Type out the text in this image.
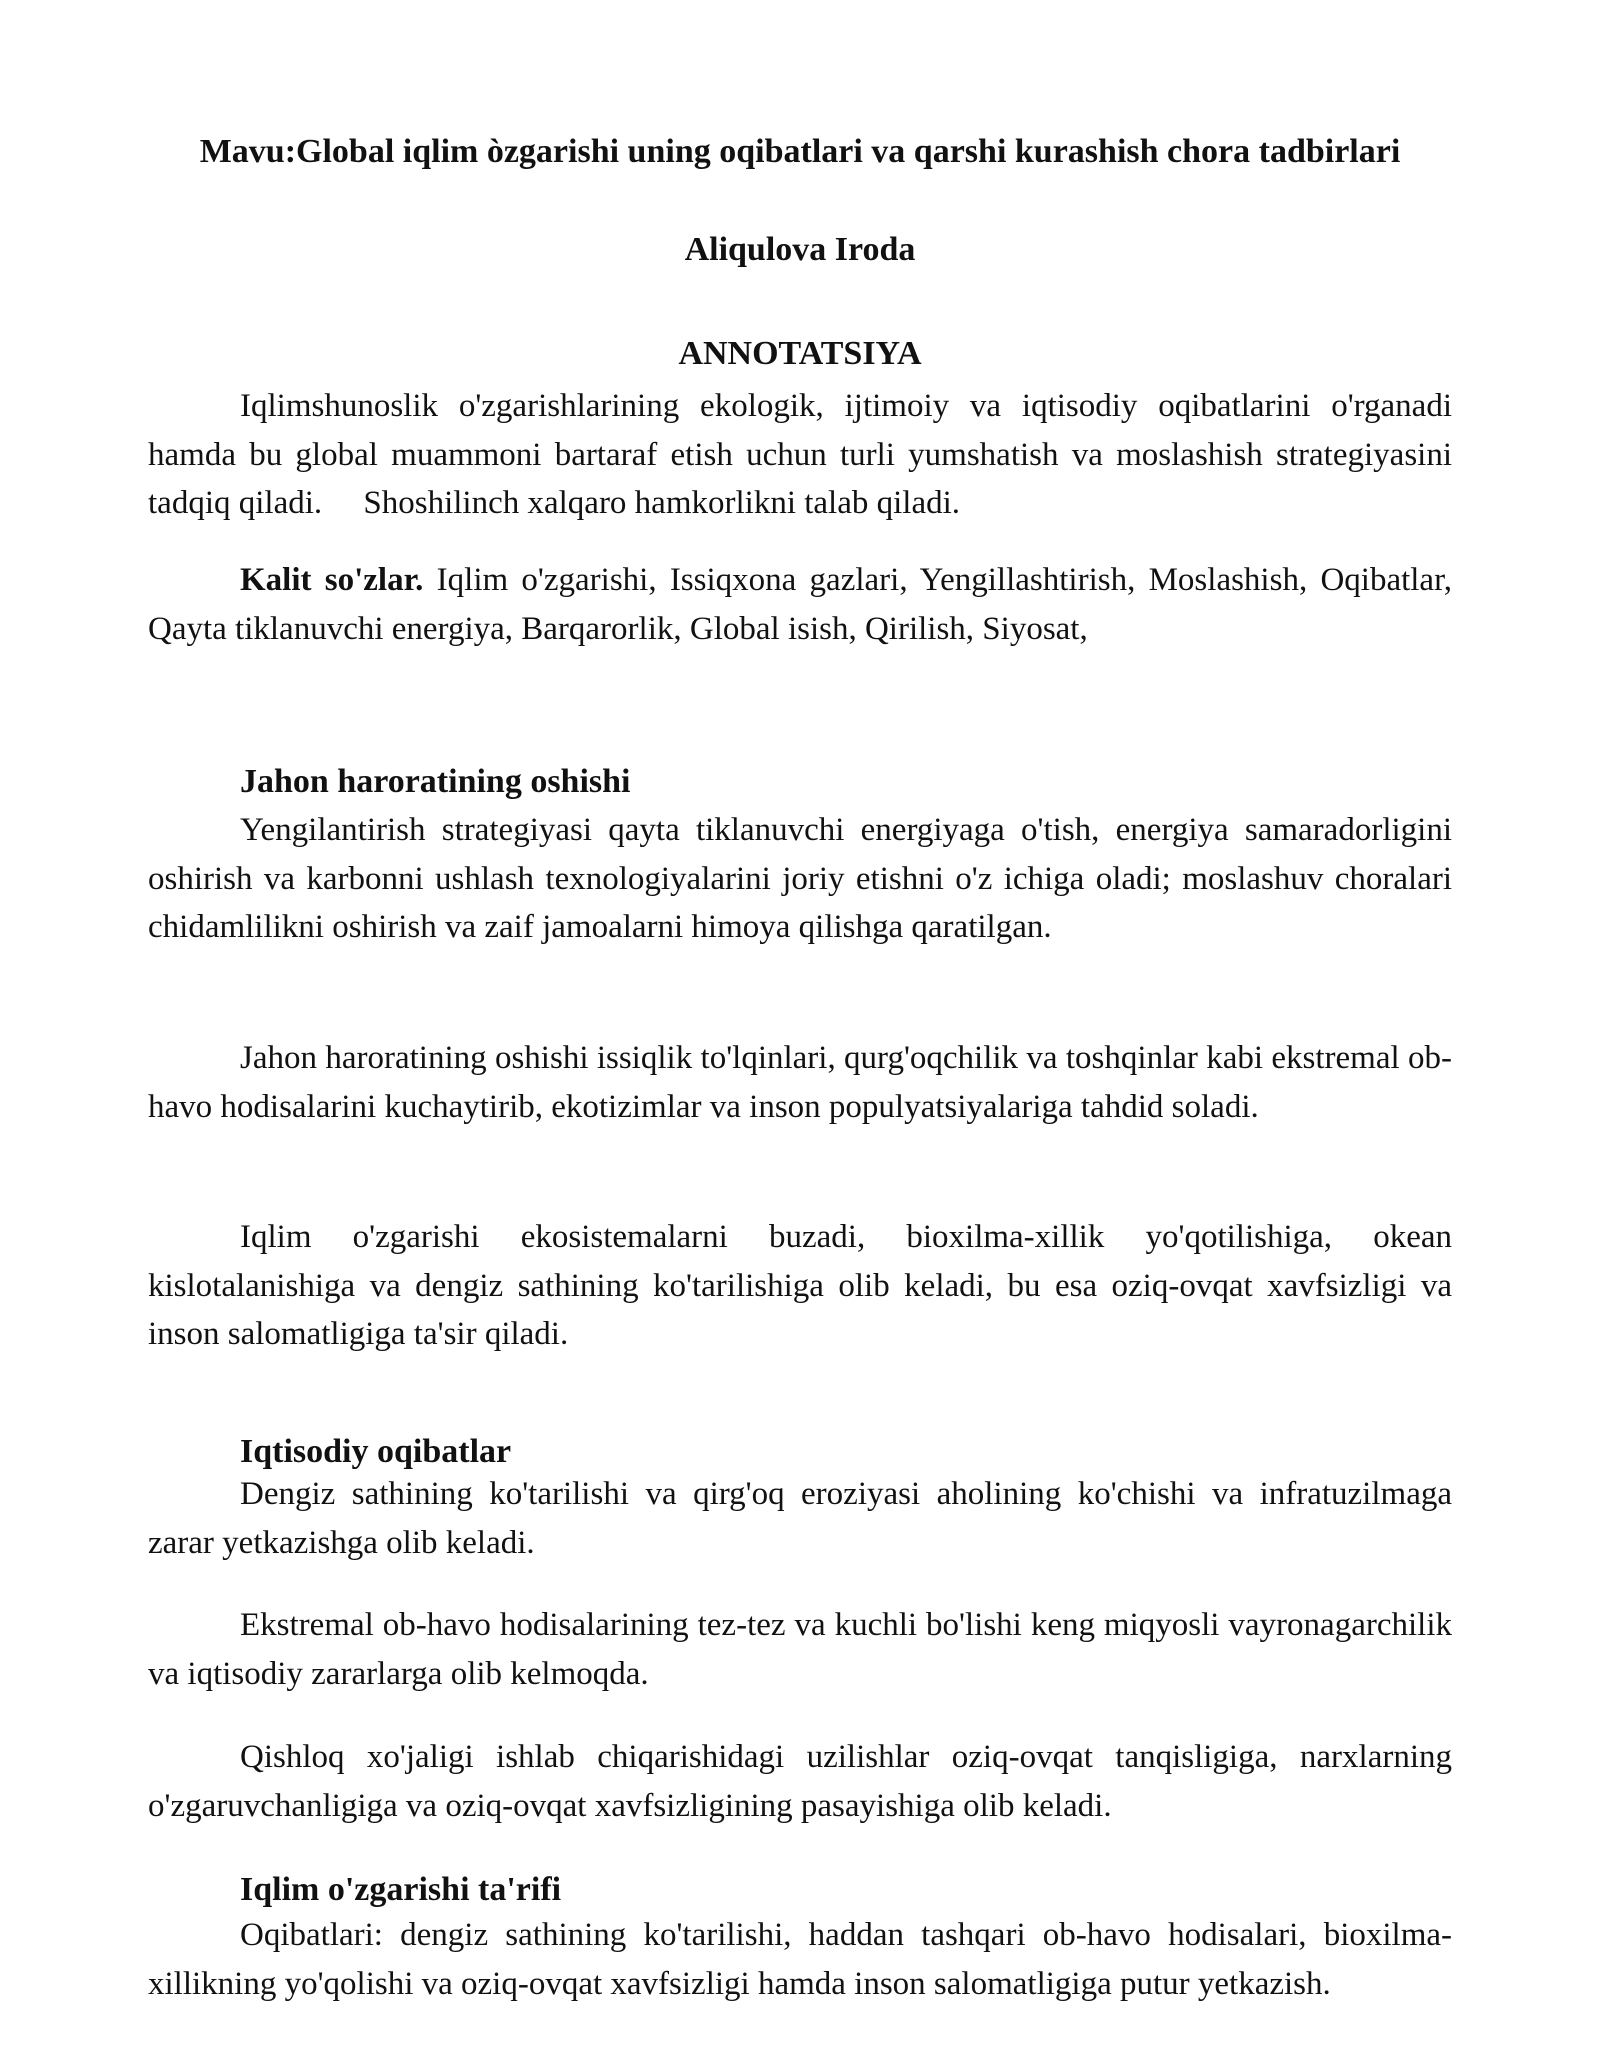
Mavu:Global iqlim òzgarishi uning oqibatlari va qarshi kurashish chora tadbirlari
Aliqulova Iroda
ANNOTATSIYA

Iqlimshunoslik o'zgarishlarining ekologik, ijtimoiy va iqtisodiy oqibatlarini o'rganadi hamda bu global muammoni bartaraf etish uchun turli yumshatish va moslashish strategiyasini tadqiq qiladi.     Shoshilinch xalqaro hamkorlikni talab qiladi.

Kalit so'zlar. Iqlim o'zgarishi, Issiqxona gazlari, Yengillashtirish, Moslashish, Oqibatlar, Qayta tiklanuvchi energiya, Barqarorlik, Global isish, Qirilish, Siyosat,

Jahon haroratining oshishi

Yengilantirish strategiyasi qayta tiklanuvchi energiyaga o'tish, energiya samaradorligini oshirish va karbonni ushlash texnologiyalarini joriy etishni o'z ichiga oladi; moslashuv choralari chidamlilikni oshirish va zaif jamoalarni himoya qilishga qaratilgan.

Jahon haroratining oshishi issiqlik to'lqinlari, qurg'oqchilik va toshqinlar kabi ekstremal ob-havo hodisalarini kuchaytirib, ekotizimlar va inson populyatsiyalariga tahdid soladi.

Iqlim o'zgarishi ekosistemalarni buzadi, bioxilma-xillik yo'qotilishiga, okean kislotalanishiga va dengiz sathining ko'tarilishiga olib keladi, bu esa oziq-ovqat xavfsizligi va inson salomatligiga ta'sir qiladi.

Iqtisodiy oqibatlar

Dengiz sathining ko'tarilishi va qirg'oq eroziyasi aholining ko'chishi va infratuzilmaga zarar yetkazishga olib keladi.

Ekstremal ob-havo hodisalarining tez-tez va kuchli bo'lishi keng miqyosli vayronagarchilik va iqtisodiy zararlarga olib kelmoqda.

Qishloq xo'jaligi ishlab chiqarishidagi uzilishlar oziq-ovqat tanqisligiga, narxlarning o'zgaruvchanligiga va oziq-ovqat xavfsizligining pasayishiga olib keladi.

Iqlim o'zgarishi ta'rifi

Oqibatlari: dengiz sathining ko'tarilishi, haddan tashqari ob-havo hodisalari, bioxilma-xillikning yo'qolishi va oziq-ovqat xavfsizligi hamda inson salomatligiga putur yetkazish.
